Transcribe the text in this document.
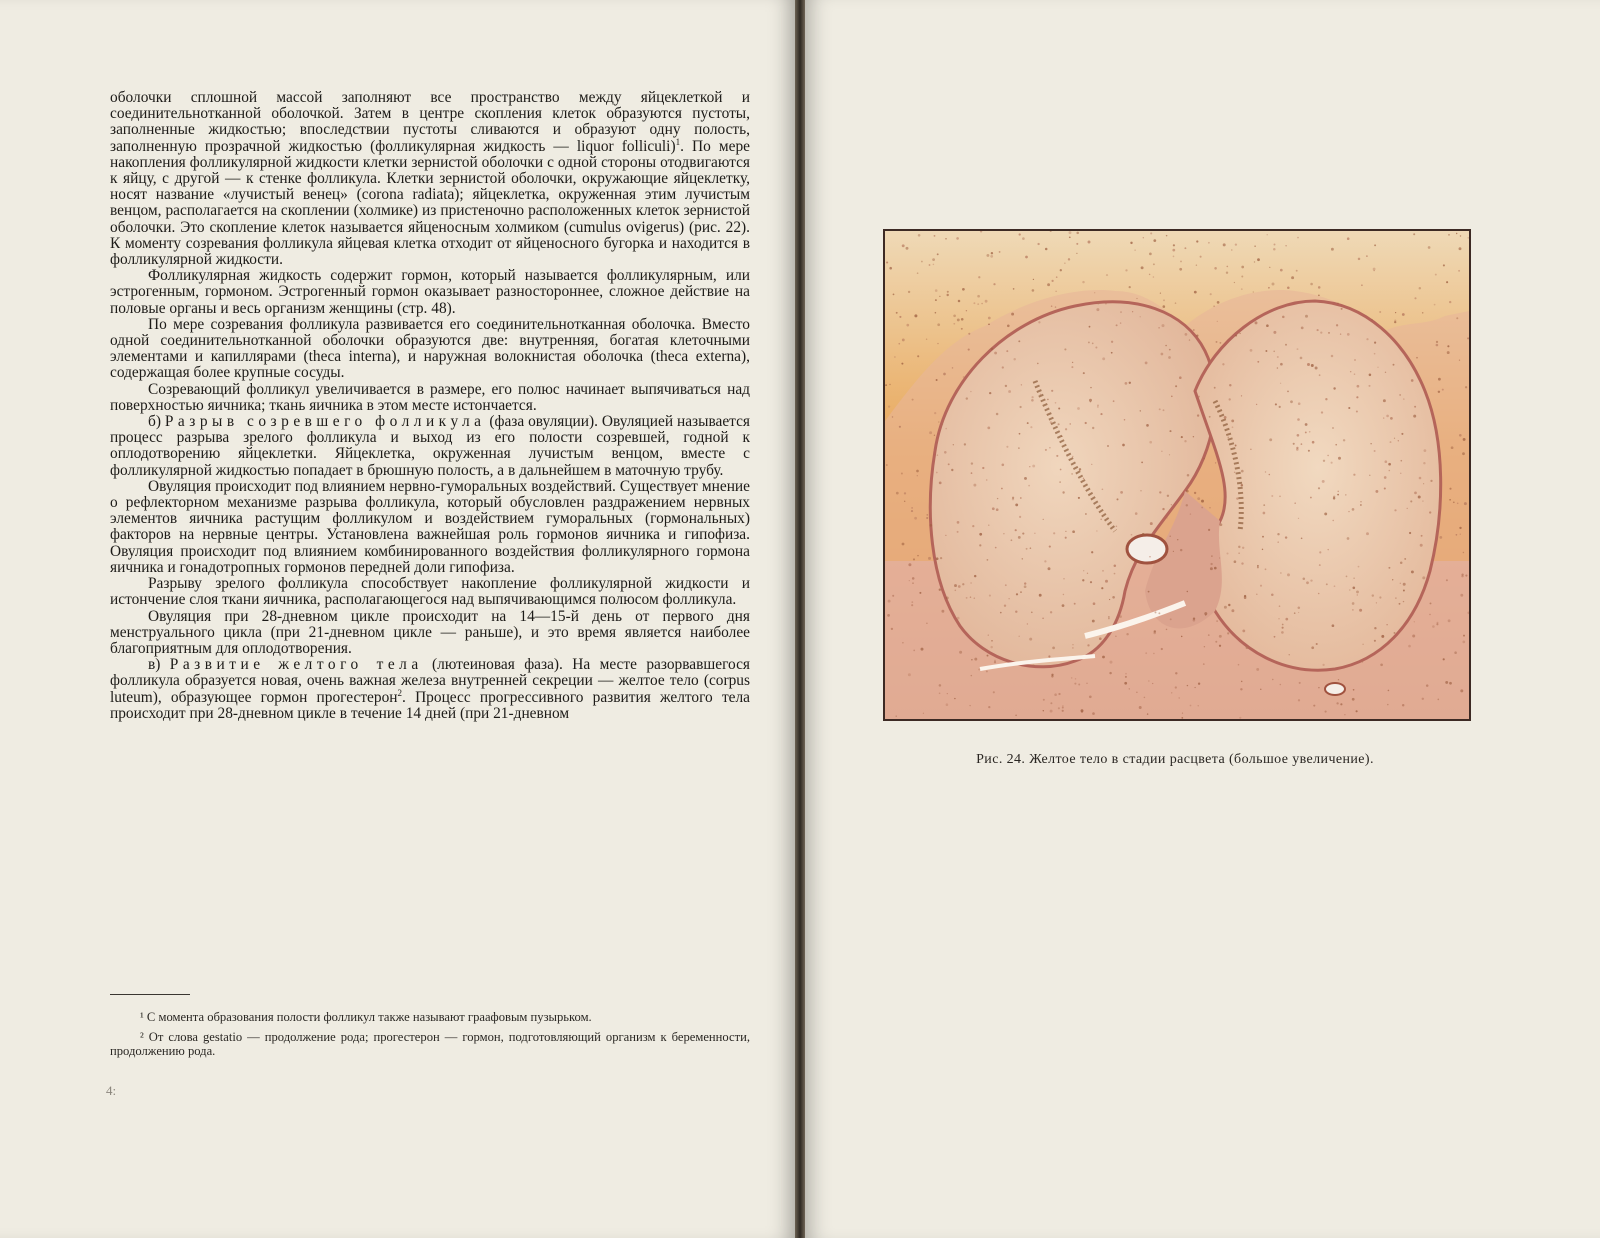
оболочки сплошной массой заполняют все пространство между яйцеклеткой и соединительнотканной оболочкой. Затем в центре скопления клеток образуются пустоты, заполненные жидкостью; впоследствии пустоты сливаются и образуют одну полость, заполненную прозрачной жидкостью (фолликулярная жидкость — liquor folliculi)$^1$. По мере накопления фолликулярной жидкости клетки зернистой оболочки с одной стороны отодвигаются к яйцу, с другой — к стенке фолликула. Клетки зернистой оболочки, окружающие яйцеклетку, носят название «лучистый венец» (corona radiata); яйцеклетка, окруженная этим лучистым венцом, располагается на скоплении (холмике) из пристеночно расположенных клеток зернистой оболочки. Это скопление клеток называется яйценосным холмиком (cumulus ovigerus) (рис. 22). К моменту созревания фолликула яйцевая клетка отходит от яйценосного бугорка и находится в фолликулярной жидкости.

Фолликулярная жидкость содержит гормон, который называется фолликулярным, или эстрогенным, гормоном. Эстрогенный гормон оказывает разностороннее, сложное действие на половые органы и весь организм женщины (стр. 48).

По мере созревания фолликула развивается его соединительнотканная оболочка. Вместо одной соединительнотканной оболочки образуются две: внутренняя, богатая клеточными элементами и капиллярами (theca interna), и наружная волокнистая оболочка (theca externa), содержащая более крупные сосуды.

Созревающий фолликул увеличивается в размере, его полюс начинает выпячиваться над поверхностью яичника; ткань яичника в этом месте истончается.

б) Разрыв созревшего фолликула (фаза овуляции). Овуляцией называется процесс разрыва зрелого фолликула и выход из его полости созревшей, годной к оплодотворению яйцеклетки. Яйцеклетка, окруженная лучистым венцом, вместе с фолликулярной жидкостью попадает в брюшную полость, а в дальнейшем в маточную трубу.

Овуляция происходит под влиянием нервно-гуморальных воздействий. Существует мнение о рефлекторном механизме разрыва фолликула, который обусловлен раздражением нервных элементов яичника растущим фолликулом и воздействием гуморальных (гормональных) факторов на нервные центры. Установлена важнейшая роль гормонов яичника и гипофиза. Овуляция происходит под влиянием комбинированного воздействия фолликулярного гормона яичника и гонадотропных гормонов передней доли гипофиза.

Разрыву зрелого фолликула способствует накопление фолликулярной жидкости и истончение слоя ткани яичника, располагающегося над выпячивающимся полюсом фолликула.

Овуляция при 28-дневном цикле происходит на 14—15-й день от первого дня менструального цикла (при 21-дневном цикле — раньше), и это время является наиболее благоприятным для оплодотворения.

в) Развитие желтого тела (лютеиновая фаза). На месте разорвавшегося фолликула образуется новая, очень важная железа внутренней секреции — желтое тело (corpus luteum), образующее гормон прогестерон$^2$. Процесс прогрессивного развития желтого тела происходит при 28-дневном цикле в течение 14 дней (при 21-дневном

¹ С момента образования полости фолликул также называют граафовым пузырьком.

² От слова gestatio — продолжение рода; прогестерон — гормон, подготовляющий организм к беременности, продолжению рода.

4:
Рис. 24. Желтое тело в стадии расцвета (большое увеличение).
